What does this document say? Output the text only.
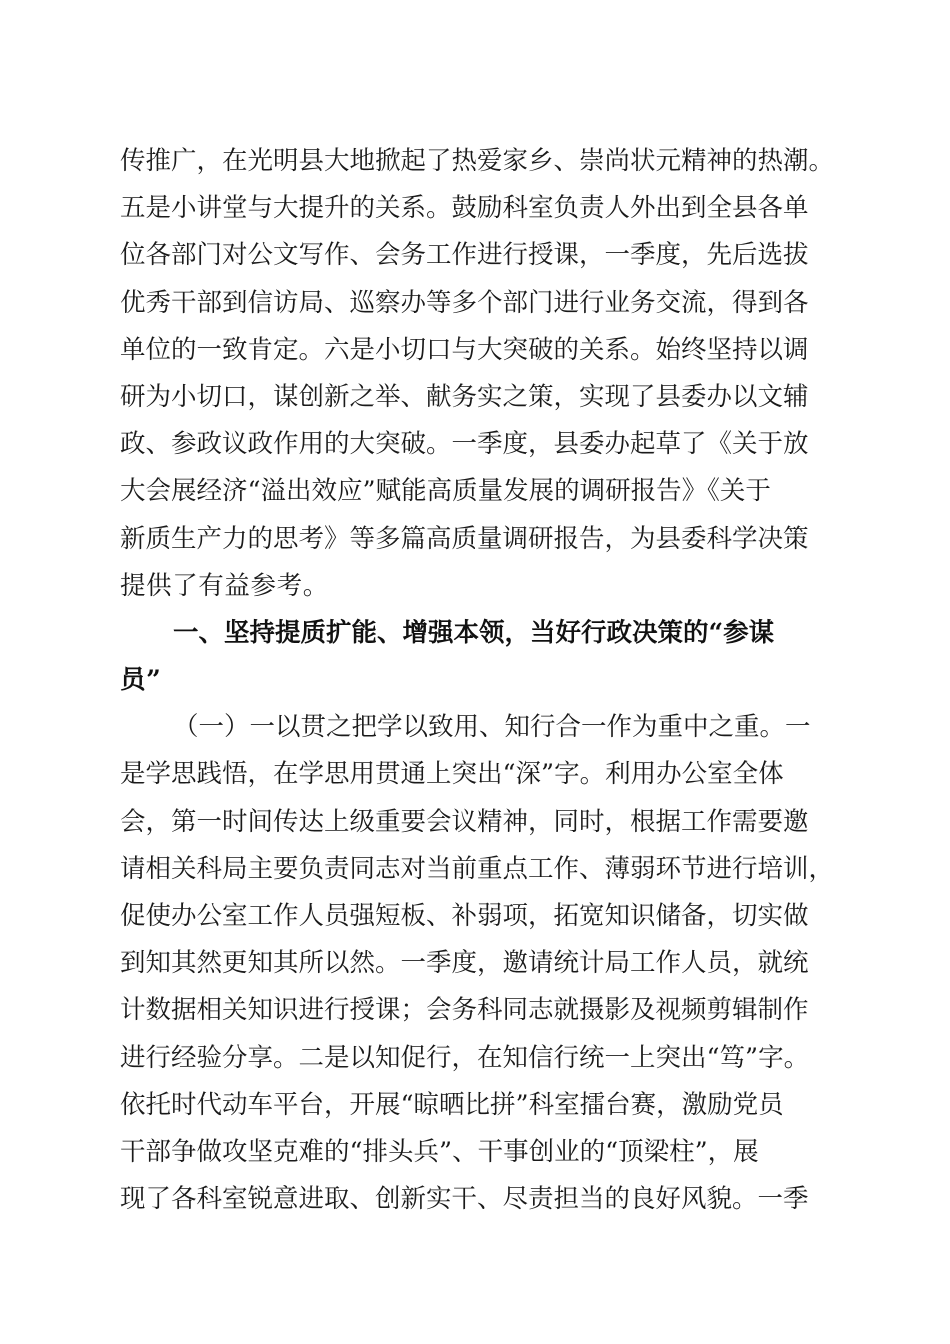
传推广，在光明县大地掀起了热爱家乡、崇尚状元精神的热潮。
五是小讲堂与大提升的关系。鼓励科室负责人外出到全县各单
位各部门对公文写作、会务工作进行授课，一季度，先后选拔
优秀干部到信访局、巡察办等多个部门进行业务交流，得到各
单位的一致肯定。六是小切口与大突破的关系。始终坚持以调
研为小切口，谋创新之举、献务实之策，实现了县委办以文辅
政、参政议政作用的大突破。一季度，县委办起草了《关于放
大会展经济“溢出效应”赋能高质量发展的调研报告》《关于
新质生产力的思考》等多篇高质量调研报告，为县委科学决策
提供了有益参考。
一、坚持提质扩能、增强本领，当好行政决策的“参谋
员”
（一）一以贯之把学以致用、知行合一作为重中之重。一
是学思践悟，在学思用贯通上突出“深”字。利用办公室全体
会，第一时间传达上级重要会议精神，同时，根据工作需要邀
请相关科局主要负责同志对当前重点工作、薄弱环节进行培训，
促使办公室工作人员强短板、补弱项，拓宽知识储备，切实做
到知其然更知其所以然。一季度，邀请统计局工作人员，就统
计数据相关知识进行授课；会务科同志就摄影及视频剪辑制作
进行经验分享。二是以知促行，在知信行统一上突出“笃”字。
依托时代动车平台，开展“晾晒比拼”科室擂台赛，激励党员
干部争做攻坚克难的“排头兵”、干事创业的“顶梁柱”，展
现了各科室锐意进取、创新实干、尽责担当的良好风貌。一季
